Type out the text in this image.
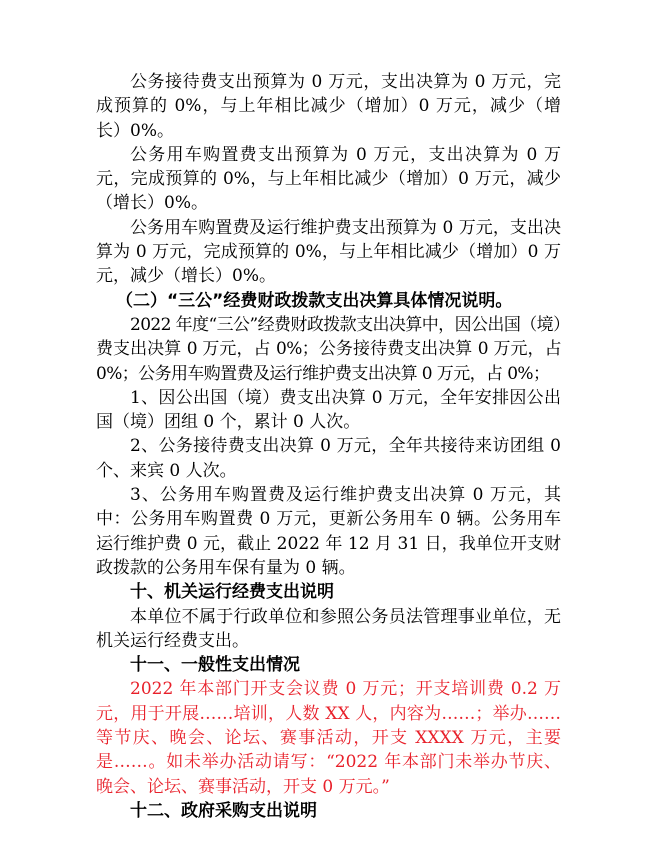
公务接待费支出预算为 0 万元，支出决算为 0 万元，完成预算的 0%，与上年相比减少（增加）0 万元，减少（增长）0%。

公务用车购置费支出预算为 0 万元，支出决算为 0 万元，完成预算的 0%，与上年相比减少（增加）0 万元，减少（增长）0%。

公务用车购置费及运行维护费支出预算为 0 万元，支出决算为 0 万元，完成预算的 0%，与上年相比减少（增加）0 万元，减少（增长）0%。

（二）“三公”经费财政拨款支出决算具体情况说明。

2022 年度“三公”经费财政拨款支出决算中，因公出国（境）费支出决算 0 万元，占 0%；公务接待费支出决算 0 万元，占 0%；公务用车购置费及运行维护费支出决算 0 万元，占 0%；

1、因公出国（境）费支出决算 0 万元，全年安排因公出国（境）团组 0 个，累计 0 人次。

2、公务接待费支出决算 0 万元，全年共接待来访团组 0 个、来宾 0 人次。

3、公务用车购置费及运行维护费支出决算 0 万元，其中：公务用车购置费 0 万元，更新公务用车 0 辆。公务用车运行维护费 0 元，截止 2022 年 12 月 31 日，我单位开支财政拨款的公务用车保有量为 0 辆。

十、机关运行经费支出说明

本单位不属于行政单位和参照公务员法管理事业单位，无机关运行经费支出。

十一、一般性支出情况

2022 年本部门开支会议费 0 万元；开支培训费 0.2 万元，用于开展……培训，人数 XX 人，内容为……；举办……等节庆、晚会、论坛、赛事活动，开支 XXXX 万元，主要是……。如未举办活动请写：“2022 年本部门未举办节庆、晚会、论坛、赛事活动，开支 0 万元。”

十二、政府采购支出说明
